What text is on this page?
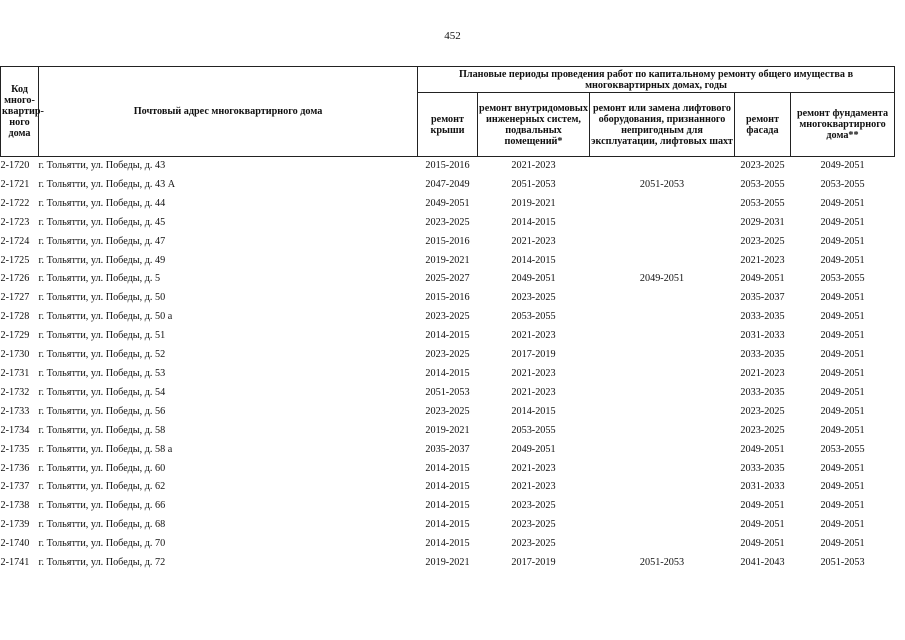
452
Код много-квартир-ного дома	Почтовый адрес многоквартирного дома	Плановые периоды проведения работ по капитальному ремонту общего имущества в многоквартирных домах, годы				
		ремонт крыши	ремонт внутридомовых инженерных систем, подвальных помещений*	ремонт или замена лифтового оборудования, признанного непригодным для эксплуатации, лифтовых шахт	ремонт фасада	ремонт фундамента многоквартирного дома**
2-1720	г. Тольятти, ул. Победы, д. 43	2015-2016	2021-2023		2023-2025	2049-2051
2-1721	г. Тольятти, ул. Победы, д. 43 А	2047-2049	2051-2053	2051-2053	2053-2055	2053-2055
2-1722	г. Тольятти, ул. Победы, д. 44	2049-2051	2019-2021		2053-2055	2049-2051
2-1723	г. Тольятти, ул. Победы, д. 45	2023-2025	2014-2015		2029-2031	2049-2051
2-1724	г. Тольятти, ул. Победы, д. 47	2015-2016	2021-2023		2023-2025	2049-2051
2-1725	г. Тольятти, ул. Победы, д. 49	2019-2021	2014-2015		2021-2023	2049-2051
2-1726	г. Тольятти, ул. Победы, д. 5	2025-2027	2049-2051	2049-2051	2049-2051	2053-2055
2-1727	г. Тольятти, ул. Победы, д. 50	2015-2016	2023-2025		2035-2037	2049-2051
2-1728	г. Тольятти, ул. Победы, д. 50 а	2023-2025	2053-2055		2033-2035	2049-2051
2-1729	г. Тольятти, ул. Победы, д. 51	2014-2015	2021-2023		2031-2033	2049-2051
2-1730	г. Тольятти, ул. Победы, д. 52	2023-2025	2017-2019		2033-2035	2049-2051
2-1731	г. Тольятти, ул. Победы, д. 53	2014-2015	2021-2023		2021-2023	2049-2051
2-1732	г. Тольятти, ул. Победы, д. 54	2051-2053	2021-2023		2033-2035	2049-2051
2-1733	г. Тольятти, ул. Победы, д. 56	2023-2025	2014-2015		2023-2025	2049-2051
2-1734	г. Тольятти, ул. Победы, д. 58	2019-2021	2053-2055		2023-2025	2049-2051
2-1735	г. Тольятти, ул. Победы, д. 58 а	2035-2037	2049-2051		2049-2051	2053-2055
2-1736	г. Тольятти, ул. Победы, д. 60	2014-2015	2021-2023		2033-2035	2049-2051
2-1737	г. Тольятти, ул. Победы, д. 62	2014-2015	2021-2023		2031-2033	2049-2051
2-1738	г. Тольятти, ул. Победы, д. 66	2014-2015	2023-2025		2049-2051	2049-2051
2-1739	г. Тольятти, ул. Победы, д. 68	2014-2015	2023-2025		2049-2051	2049-2051
2-1740	г. Тольятти, ул. Победы, д. 70	2014-2015	2023-2025		2049-2051	2049-2051
2-1741	г. Тольятти, ул. Победы, д. 72	2019-2021	2017-2019	2051-2053	2041-2043	2051-2053
